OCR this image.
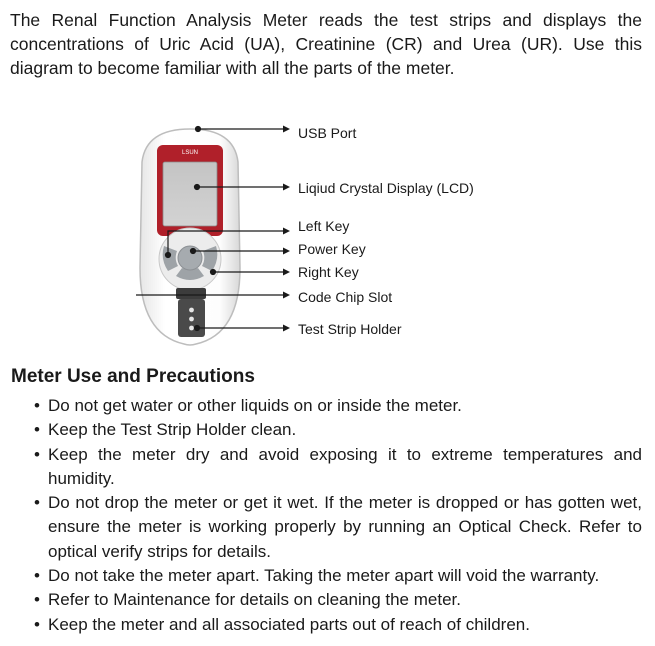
The Renal Function Analysis Meter reads the test strips and displays the concentrations of Uric Acid (UA), Creatinine (CR) and Urea (UR). Use this diagram to become familiar with all the parts of the meter.

LSUN
USB Port
Liqiud Crystal Display (LCD)
Left Key
Power Key
Right Key
Code Chip Slot
Test Strip Holder
Meter Use and Precautions
• Do not get water or other liquids on or inside the meter.
• Keep the Test Strip Holder clean.
• Keep the meter dry and avoid exposing it to extreme temperatures and humidity.
• Do not drop the meter or get it wet. If the meter is dropped or has gotten wet, ensure the meter is working properly by running an Optical Check. Refer to optical verify strips for details.
• Do not take the meter apart. Taking the meter apart will void the warranty.
• Refer to Maintenance for details on cleaning the meter.
• Keep the meter and all associated parts out of reach of children.
